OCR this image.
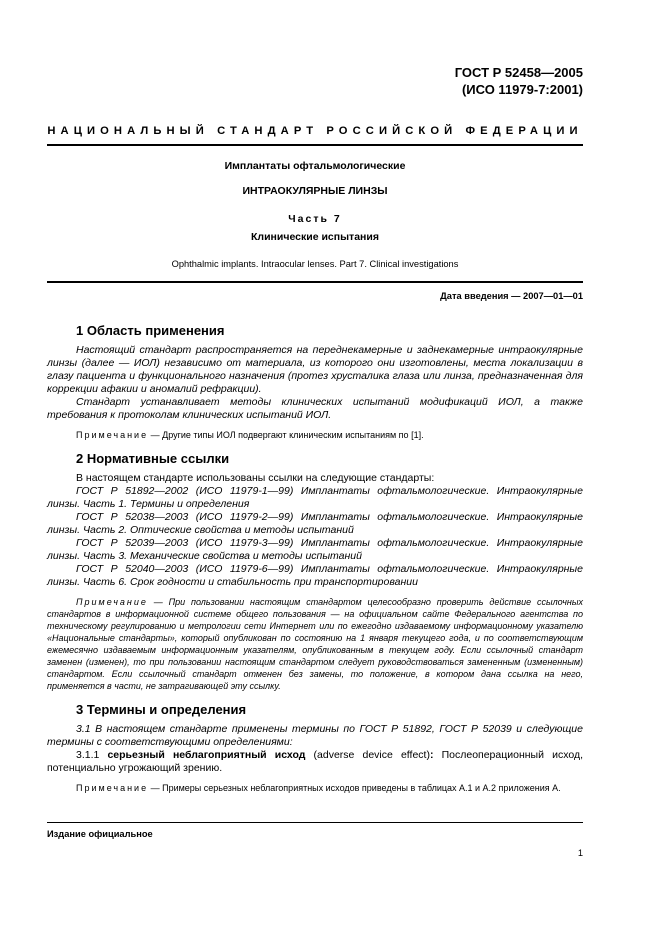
ГОСТ Р 52458—2005
(ИСО 11979-7:2001)
НАЦИОНАЛЬНЫЙ СТАНДАРТ РОССИЙСКОЙ ФЕДЕРАЦИИ
Имплантаты офтальмологические
ИНТРАОКУЛЯРНЫЕ ЛИНЗЫ
Часть 7
Клинические испытания
Ophthalmic implants. Intraocular lenses. Part 7. Clinical investigations
Дата введения — 2007—01—01
1 Область применения

Настоящий стандарт распространяется на переднекамерные и заднекамерные интраокулярные линзы (далее — ИОЛ) независимо от материала, из которого они изготовлены, места локализации в глазу пациента и функционального назначения (протез хрусталика глаза или линза, предназначенная для коррекции афакии и аномалий рефракции).

Стандарт устанавливает методы клинических испытаний модификаций ИОЛ, а также требования к протоколам клинических испытаний ИОЛ.

Примечание — Другие типы ИОЛ подвергают клиническим испытаниям по [1].

2 Нормативные ссылки

В настоящем стандарте использованы ссылки на следующие стандарты:

ГОСТ Р 51892—2002 (ИСО 11979-1—99) Имплантаты офтальмологические. Интраокулярные линзы. Часть 1. Термины и определения

ГОСТ Р 52038—2003 (ИСО 11979-2—99) Имплантаты офтальмологические. Интраокулярные линзы. Часть 2. Оптические свойства и методы испытаний

ГОСТ Р 52039—2003 (ИСО 11979-3—99) Имплантаты офтальмологические. Интраокулярные линзы. Часть 3. Механические свойства и методы испытаний

ГОСТ Р 52040—2003 (ИСО 11979-6—99) Имплантаты офтальмологические. Интраокулярные линзы. Часть 6. Срок годности и стабильность при транспортировании

Примечание — При пользовании настоящим стандартом целесообразно проверить действие ссылочных стандартов в информационной системе общего пользования — на официальном сайте Федерального агентства по техническому регулированию и метрологии сети Интернет или по ежегодно издаваемому информационному указателю «Национальные стандарты», который опубликован по состоянию на 1 января текущего года, и по соответствующим ежемесячно издаваемым информационным указателям, опубликованным в текущем году. Если ссылочный стандарт заменен (изменен), то при пользовании настоящим стандартом следует руководствоваться замененным (измененным) стандартом. Если ссылочный стандарт отменен без замены, то положение, в котором дана ссылка на него, применяется в части, не затрагивающей эту ссылку.

3 Термины и определения

3.1 В настоящем стандарте применены термины по ГОСТ Р 51892, ГОСТ Р 52039 и следующие термины с соответствующими определениями:

3.1.1 серьезный неблагоприятный исход (adverse device effect): Послеоперационный исход, потенциально угрожающий зрению.

Примечание — Примеры серьезных неблагоприятных исходов приведены в таблицах А.1 и А.2 приложения А.

Издание официальное
1
